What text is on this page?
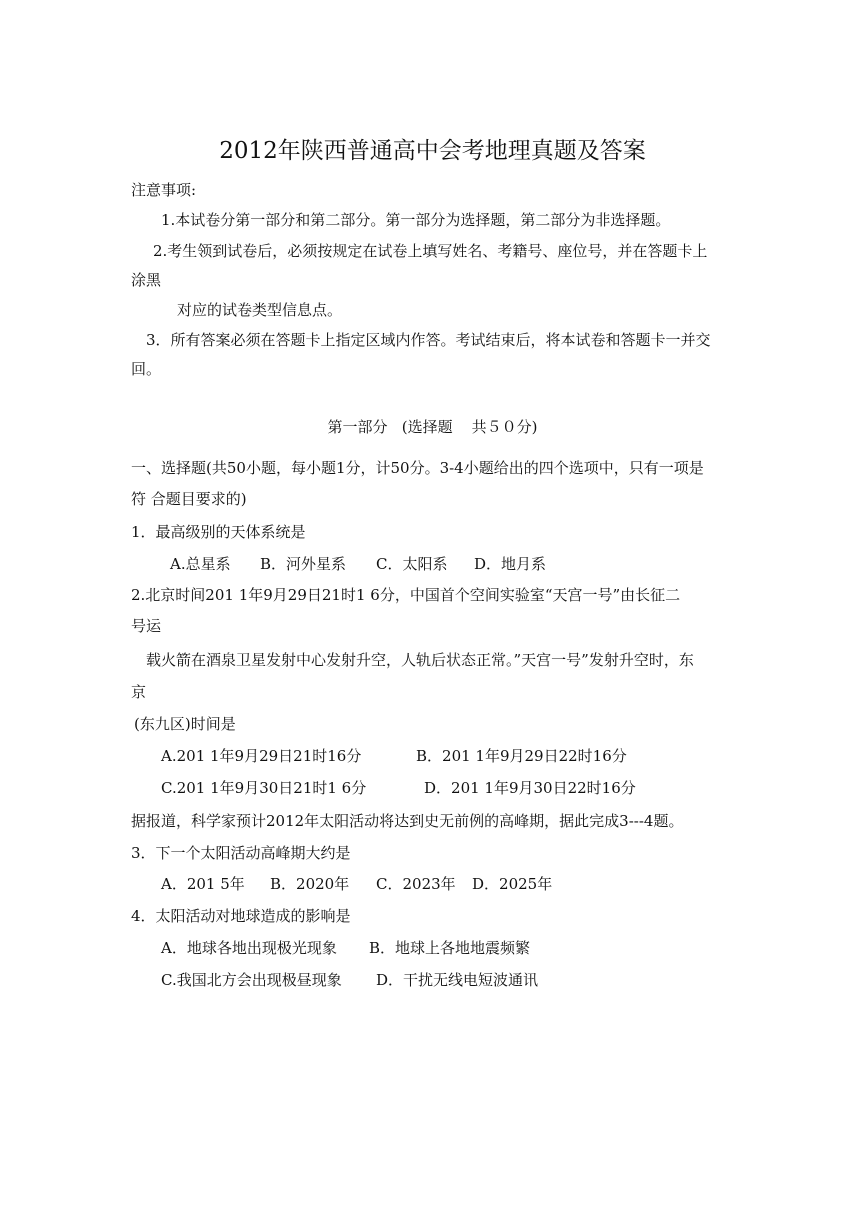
2012年陕西普通高中会考地理真题及答案
注意事项:
1.本试卷分第一部分和第二部分。第一部分为选择题，第二部分为非选择题。
2.考生领到试卷后，必须按规定在试卷上填写姓名、考籍号、座位号，并在答题卡上
涂黑
对应的试卷类型信息点。
3．所有答案必须在答题卡上指定区域内作答。考试结束后，将本试卷和答题卡一并交
回。
第一部分   (选择题    共５０分)
一、选择题(共50小题，每小题1分，计50分。3-4小题给出的四个选项中，只有一项是
符 合题目要求的)
1．最高级别的天体系统是
A.总星系 B．河外星系 C．太阳系 D．地月系
2.北京时间201 1年9月29日21时1 6分，中国首个空间实验室“天宫一号”由长征二
号运
载火箭在酒泉卫星发射中心发射升空，人轨后状态正常。”天宫一号”发射升空时，东
京
(东九区)时间是
A.201 1年9月29日21时16分	B．201 1年9月29日22时16分
C.201 1年9月30日21时1 6分	D．201 1年9月30日22时16分
据报道，科学家预计2012年太阳活动将达到史无前例的高峰期，据此完成3---4题。
3．下一个太阳活动高峰期大约是
A．201 5年 B．2020年 C．2023年 D．2025年
4．太阳活动对地球造成的影响是
A．地球各地出现极光现象 B．地球上各地地震频繁
C.我国北方会出现极昼现象 D．干扰无线电短波通讯
